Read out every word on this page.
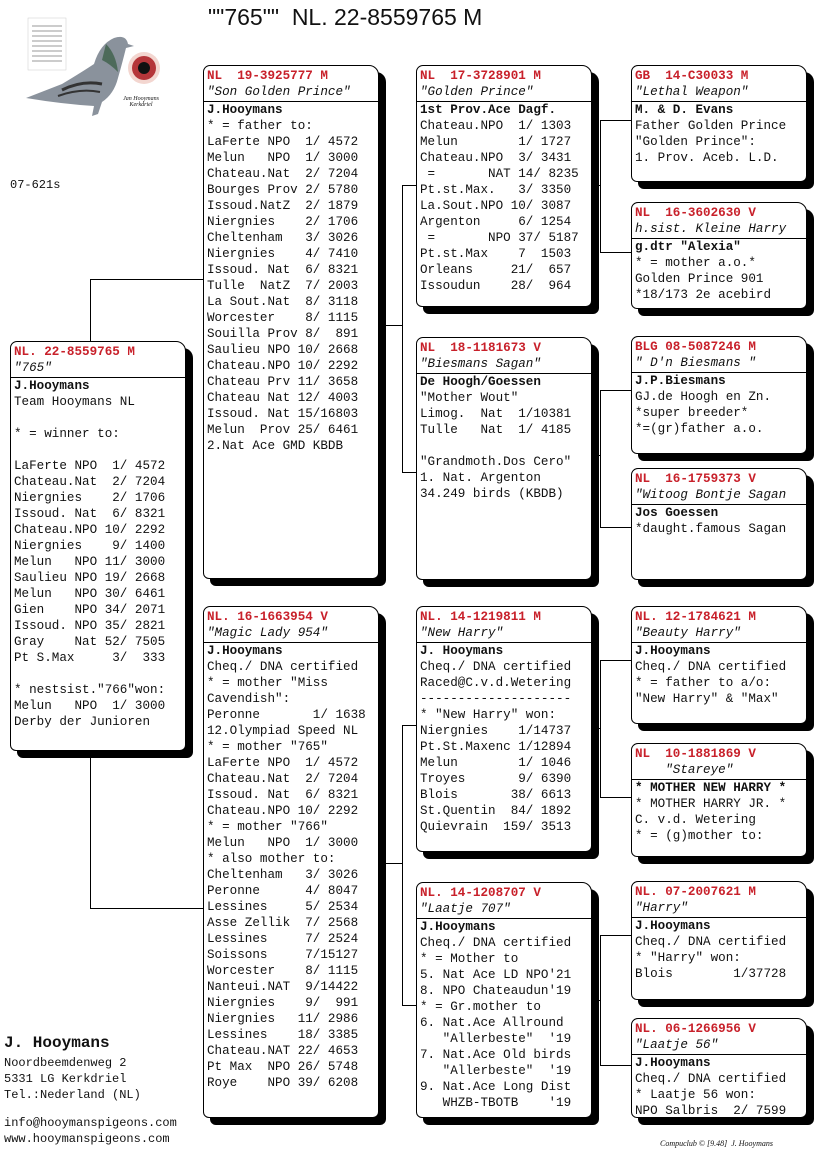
Jan Hooymans Kerkdriel
""765""  NL. 22-8559765 M
07-621s
NL. 22-8559765 M
"765"
J.Hooymans
Team Hooymans NL
* = winner to:
LaFerte NPO  1/ 4572
Chateau.Nat  2/ 7204
Niergnies    2/ 1706
Issoud. Nat  6/ 8321
Chateau.NPO 10/ 2292
Niergnies    9/ 1400
Melun   NPO 11/ 3000
Saulieu NPO 19/ 2668
Melun   NPO 30/ 6461
Gien    NPO 34/ 2071
Issoud. NPO 35/ 2821
Gray    Nat 52/ 7505
Pt S.Max     3/  333
* nestsist."766"won:
Melun   NPO  1/ 3000
Derby der Junioren
NL  19-3925777 M
"Son Golden Prince"
J.Hooymans
* = father to:
LaFerte NPO  1/ 4572
Melun   NPO  1/ 3000
Chateau.Nat  2/ 7204
Bourges Prov 2/ 5780
Issoud.NatZ  2/ 1879
Niergnies    2/ 1706
Cheltenham   3/ 3026
Niergnies    4/ 7410
Issoud. Nat  6/ 8321
Tulle  NatZ  7/ 2003
La Sout.Nat  8/ 3118
Worcester    8/ 1115
Souilla Prov 8/  891
Saulieu NPO 10/ 2668
Chateau.NPO 10/ 2292
Chateau Prv 11/ 3658
Chateau Nat 12/ 4003
Issoud. Nat 15/16803
Melun  Prov 25/ 6461
2.Nat Ace GMD KBDB
NL. 16-1663954 V
"Magic Lady 954"
J.Hooymans
Cheq./ DNA certified
* = mother "Miss
Cavendish":
Peronne       1/ 1638
12.Olympiad Speed NL
* = mother "765"
LaFerte NPO  1/ 4572
Chateau.Nat  2/ 7204
Issoud. Nat  6/ 8321
Chateau.NPO 10/ 2292
* = mother "766"
Melun   NPO  1/ 3000
* also mother to:
Cheltenham   3/ 3026
Peronne      4/ 8047
Lessines     5/ 2534
Asse Zellik  7/ 2568
Lessines     7/ 2524
Soissons     7/15127
Worcester    8/ 1115
Nanteui.NAT  9/14422
Niergnies    9/  991
Niergnies   11/ 2986
Lessines    18/ 3385
Chateau.NAT 22/ 4653
Pt Max  NPO 26/ 5748
Roye    NPO 39/ 6208
NL  17-3728901 M
"Golden Prince"
1st Prov.Ace Dagf.
Chateau.NPO  1/ 1303
Melun        1/ 1727
Chateau.NPO  3/ 3431
=       NAT 14/ 8235
Pt.st.Max.   3/ 3350
La.Sout.NPO 10/ 3087
Argenton     6/ 1254
=       NPO 37/ 5187
Pt.st.Max    7  1503
Orleans     21/  657
Issoudun    28/  964
NL  18-1181673 V
"Biesmans Sagan"
De Hoogh/Goessen
"Mother Wout"
Limog.  Nat  1/10381
Tulle   Nat  1/ 4185
"Grandmoth.Dos Cero"
1. Nat. Argenton
34.249 birds (KBDB)
NL. 14-1219811 M
"New Harry"
J. Hooymans
Cheq./ DNA certified
Raced@C.v.d.Wetering
--------------------
* "New Harry" won:
Niergnies    1/14737
Pt.St.Maxenc 1/12894
Melun        1/ 1046
Troyes       9/ 6390
Blois       38/ 6613
St.Quentin  84/ 1892
Quievrain  159/ 3513
NL. 14-1208707 V
"Laatje 707"
J.Hooymans
Cheq./ DNA certified
* = Mother to
5. Nat Ace LD NPO'21
8. NPO Chateaudun'19
* = Gr.mother to
6. Nat.Ace Allround
"Allerbeste"  '19
7. Nat.Ace Old birds
"Allerbeste"  '19
9. Nat.Ace Long Dist
WHZB-TBOTB    '19
GB  14-C30033 M
"Lethal Weapon"
M. & D. Evans
Father Golden Prince
"Golden Prince":
1. Prov. Aceb. L.D.
NL  16-3602630 V
h.sist. Kleine Harry
g.dtr "Alexia"
* = mother a.o.*
Golden Prince 901
*18/173 2e acebird
BLG 08-5087246 M
" D'n Biesmans "
J.P.Biesmans
GJ.de Hoogh en Zn.
*super breeder*
*=(gr)father a.o.
NL  16-1759373 V
"Witoog Bontje Sagan
Jos Goessen
*daught.famous Sagan
NL. 12-1784621 M
"Beauty Harry"
J.Hooymans
Cheq./ DNA certified
* = father to a/o:
"New Harry" & "Max"
NL  10-1881869 V
"Stareye"
* MOTHER NEW HARRY *
* MOTHER HARRY JR. *
C. v.d. Wetering
* = (g)mother to:
NL. 07-2007621 M
"Harry"
J.Hooymans
Cheq./ DNA certified
* "Harry" won:
Blois        1/37728
NL. 06-1266956 V
"Laatje 56"
J.Hooymans
Cheq./ DNA certified
* Laatje 56 won:
NPO Salbris  2/ 7599
J. Hooymans
Noordbeemdenweg 2
5331 LG Kerkdriel
Tel.:Nederland (NL)
info@hooymanspigeons.com
www.hooymanspigeons.com	Compuclub © [9.48]  J. Hooymans
